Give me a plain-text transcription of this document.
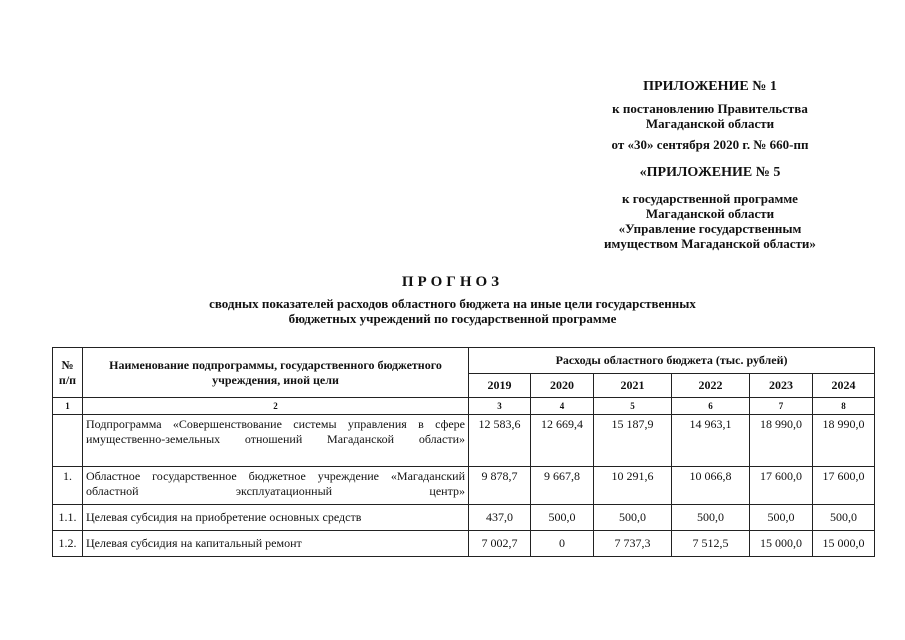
ПРИЛОЖЕНИЕ № 1
к постановлению Правительства
Магаданской области
от «30» сентября 2020 г. № 660-пп
«ПРИЛОЖЕНИЕ № 5
к государственной программе
Магаданской области
«Управление государственным
имуществом Магаданской области»
ПРОГНОЗ
сводных показателей расходов областного бюджета на иные цели государственных
бюджетных учреждений по государственной программе
№ п/п	Наименование подпрограммы, государственного бюджетного учреждения, иной цели	Расходы областного бюджета (тыс. рублей)					
		2019	2020	2021	2022	2023	2024
1	2	3	4	5	6	7	8
	Подпрограмма «Совершенствование системы управления в сфере имущественно-земельных отношений Магаданской области»	12 583,6	12 669,4	15 187,9	14 963,1	18 990,0	18 990,0
1.	Областное государственное бюджетное учреждение «Магаданский областной эксплуатационный центр»	9 878,7	9 667,8	10 291,6	10 066,8	17 600,0	17 600,0
1.1.	Целевая субсидия на приобретение основных средств	437,0	500,0	500,0	500,0	500,0	500,0
1.2.	Целевая субсидия на капитальный ремонт	7 002,7	0	7 737,3	7 512,5	15 000,0	15 000,0
